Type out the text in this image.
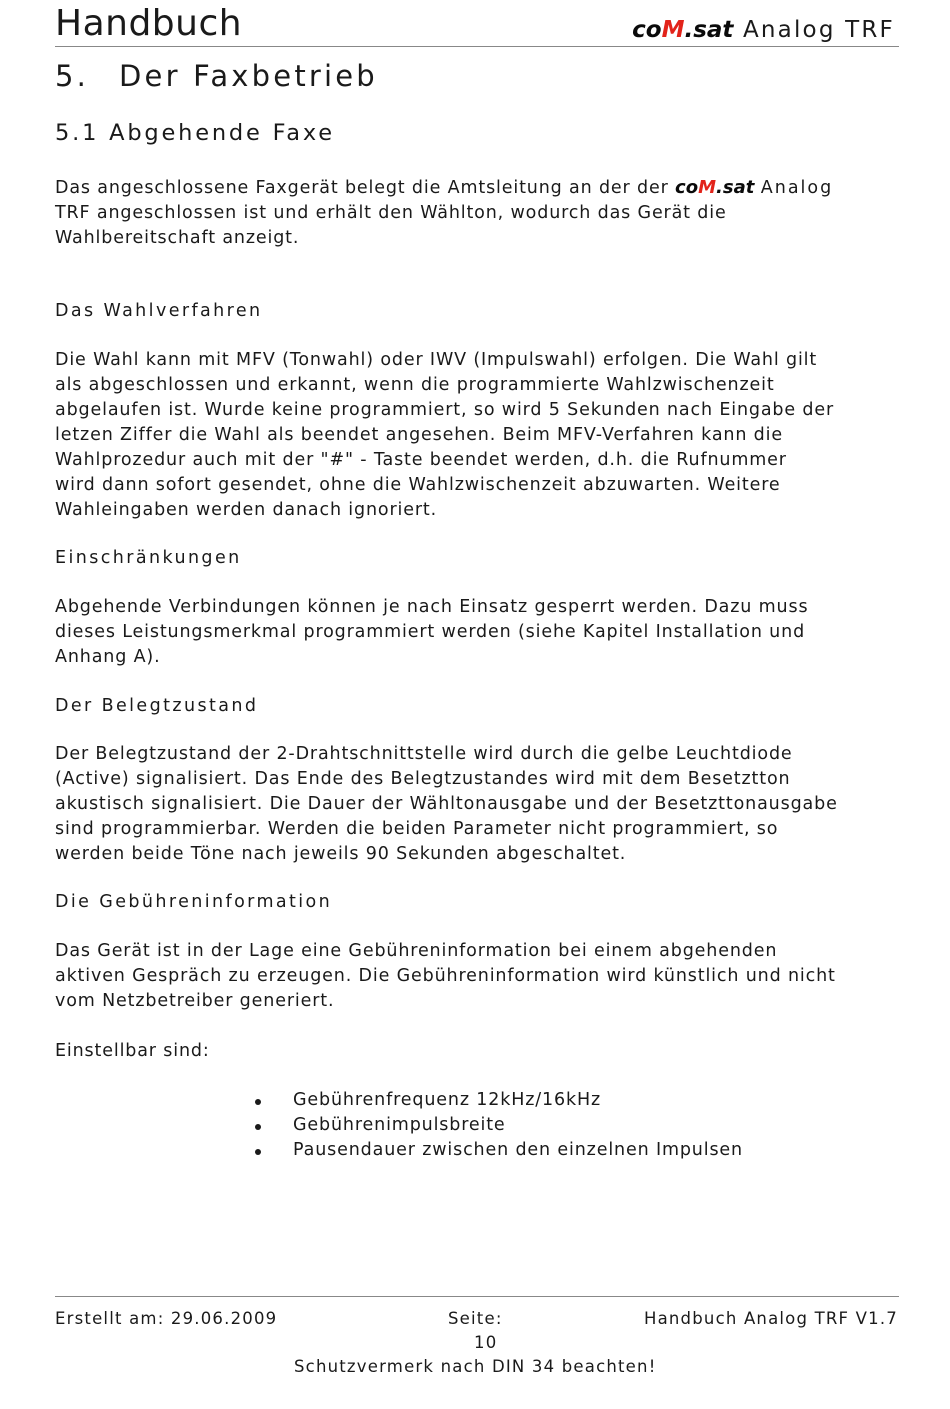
Handbuch	coM.sat Analog TRF
5. Der Faxbetrieb
5.1 Abgehende Faxe
Das angeschlossene Faxgerät belegt die Amtsleitung an der der coM.sat Analog
TRF angeschlossen ist und erhält den Wählton, wodurch das Gerät die
Wahlbereitschaft anzeigt.
Das Wahlverfahren
Die Wahl kann mit MFV (Tonwahl) oder IWV (Impulswahl) erfolgen. Die Wahl gilt
als abgeschlossen und erkannt, wenn die programmierte Wahlzwischenzeit
abgelaufen ist. Wurde keine programmiert, so wird 5 Sekunden nach Eingabe der
letzen Ziffer die Wahl als beendet angesehen. Beim MFV-Verfahren kann die
Wahlprozedur auch mit der "#" - Taste beendet werden, d.h. die Rufnummer
wird dann sofort gesendet, ohne die Wahlzwischenzeit abzuwarten. Weitere
Wahleingaben werden danach ignoriert.
Einschränkungen
Abgehende Verbindungen können je nach Einsatz gesperrt werden. Dazu muss
dieses Leistungsmerkmal programmiert werden (siehe Kapitel Installation und
Anhang A).
Der Belegtzustand
Der Belegtzustand der 2-Drahtschnittstelle wird durch die gelbe Leuchtdiode
(Active) signalisiert. Das Ende des Belegtzustandes wird mit dem Besetztton
akustisch signalisiert. Die Dauer der Wähltonausgabe und der Besetzttonausgabe
sind programmierbar. Werden die beiden Parameter nicht programmiert, so
werden beide Töne nach jeweils 90 Sekunden abgeschaltet.
Die Gebühreninformation
Das Gerät ist in der Lage eine Gebühreninformation bei einem abgehenden
aktiven Gespräch zu erzeugen. Die Gebühreninformation wird künstlich und nicht
vom Netzbetreiber generiert.
Einstellbar sind:
Gebührenfrequenz 12kHz/16kHz
Gebührenimpulsbreite
Pausendauer zwischen den einzelnen Impulsen
Erstellt am: 29.06.2009	Seite:
10
Handbuch Analog TRF V1.7
Schutzvermerk nach DIN 34 beachten!
